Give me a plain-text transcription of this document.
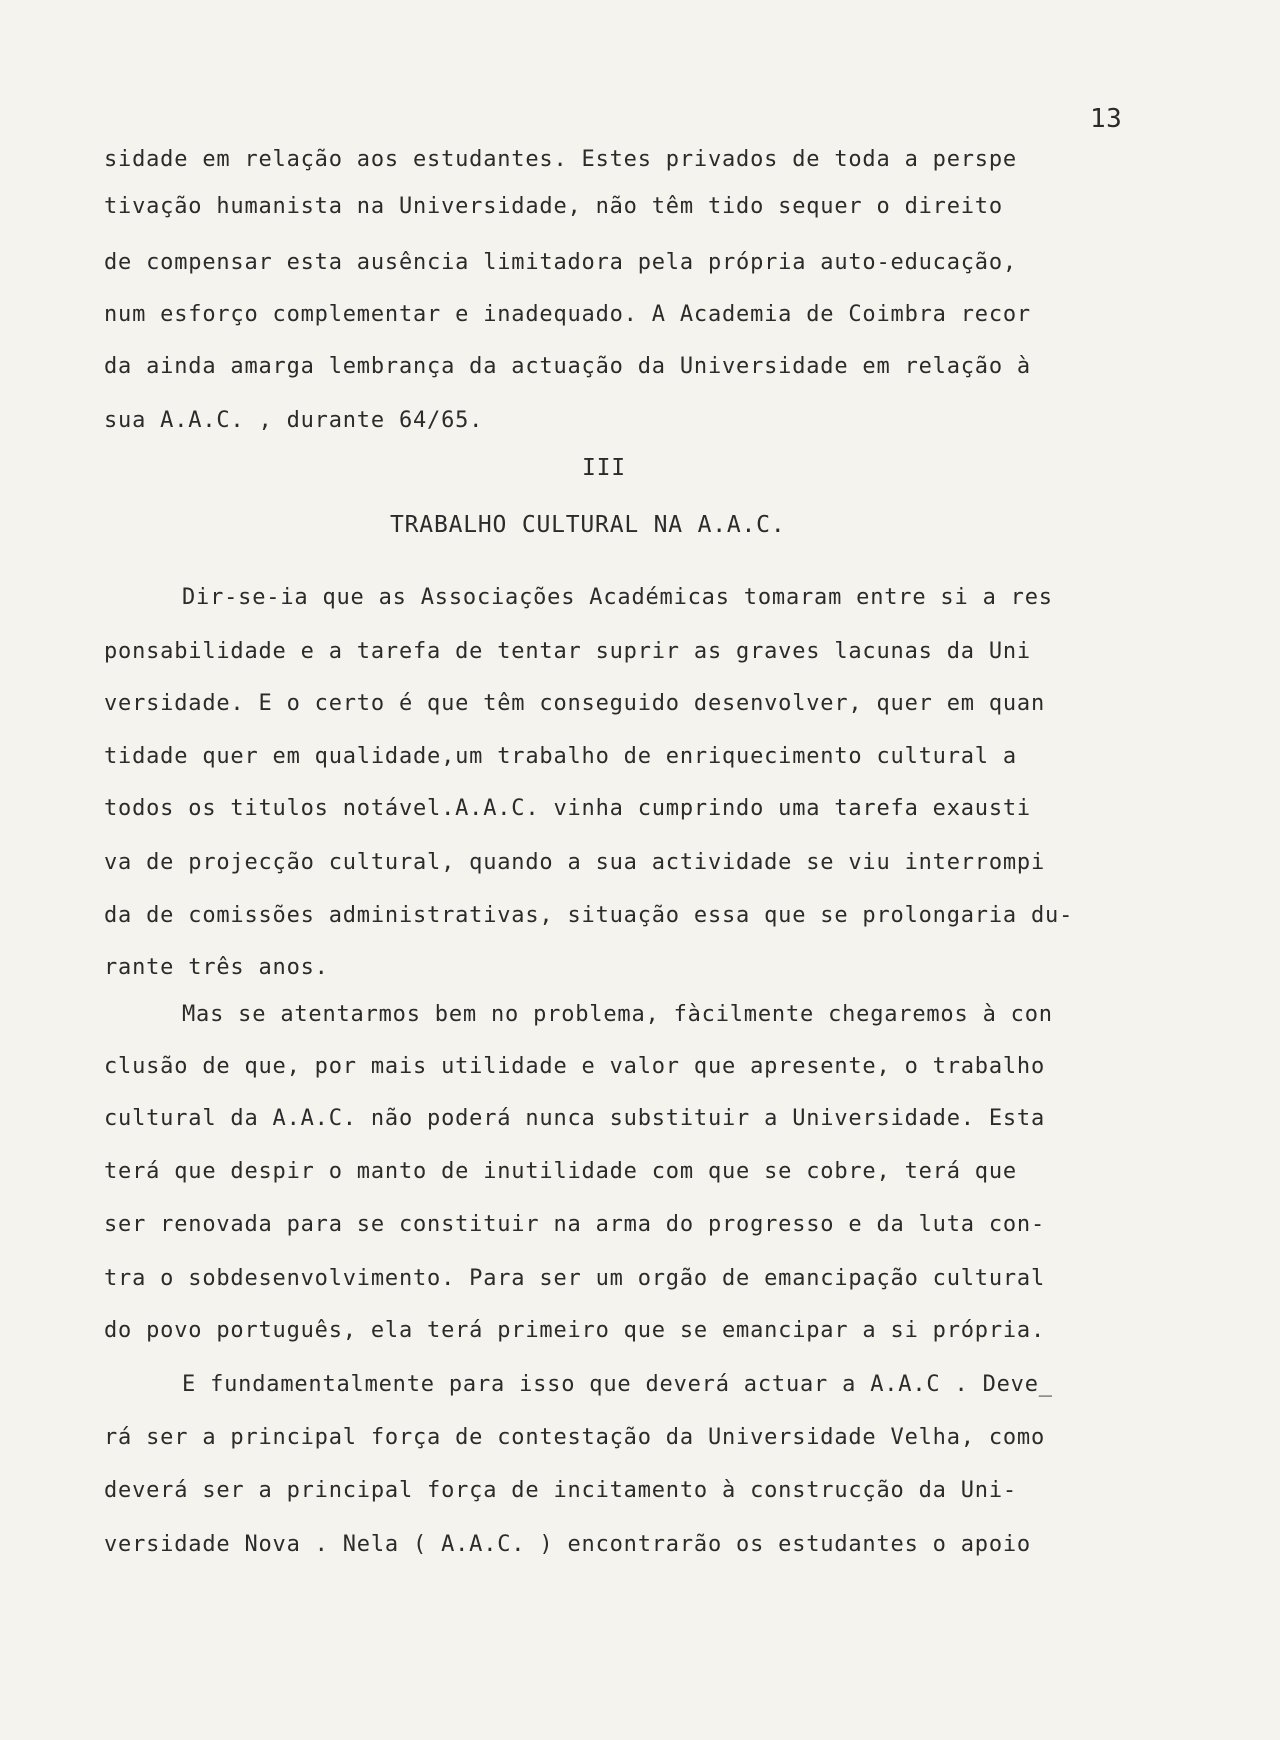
13
sidade em relação aos estudantes. Estes privados de toda a perspe
tivação humanista na Universidade, não têm tido sequer o direito
de compensar esta ausência limitadora pela própria auto-educação,
num esforço complementar e inadequado. A Academia de Coimbra recor
da ainda amarga lembrança da actuação da Universidade em relação à
sua A.A.C. , durante 64/65.
III
TRABALHO CULTURAL NA A.A.C.
Dir-se-ia que as Associações Académicas tomaram entre si a res
ponsabilidade e a tarefa de tentar suprir as graves lacunas da Uni
versidade. E o certo é que têm conseguido desenvolver, quer em quan
tidade quer em qualidade,um trabalho de enriquecimento cultural a
todos os titulos notável.A.A.C. vinha cumprindo uma tarefa exausti
va de projecção cultural, quando a sua actividade se viu interrompi
da de comissões administrativas, situação essa que se prolongaria du-
rante três anos.
Mas se atentarmos bem no problema, fàcilmente chegaremos à con
clusão de que, por mais utilidade e valor que apresente, o trabalho
cultural da A.A.C. não poderá nunca substituir a Universidade. Esta
terá que despir o manto de inutilidade com que se cobre, terá que
ser renovada para se constituir na arma do progresso e da luta con-
tra o sobdesenvolvimento. Para ser um orgão de emancipação cultural
do povo português, ela terá primeiro que se emancipar a si própria.
E fundamentalmente para isso que deverá actuar a A.A.C . Deve_
rá ser a principal força de contestação da Universidade Velha, como
deverá ser a principal força de incitamento à construcção da Uni-
versidade Nova . Nela ( A.A.C. ) encontrarão os estudantes o apoio
